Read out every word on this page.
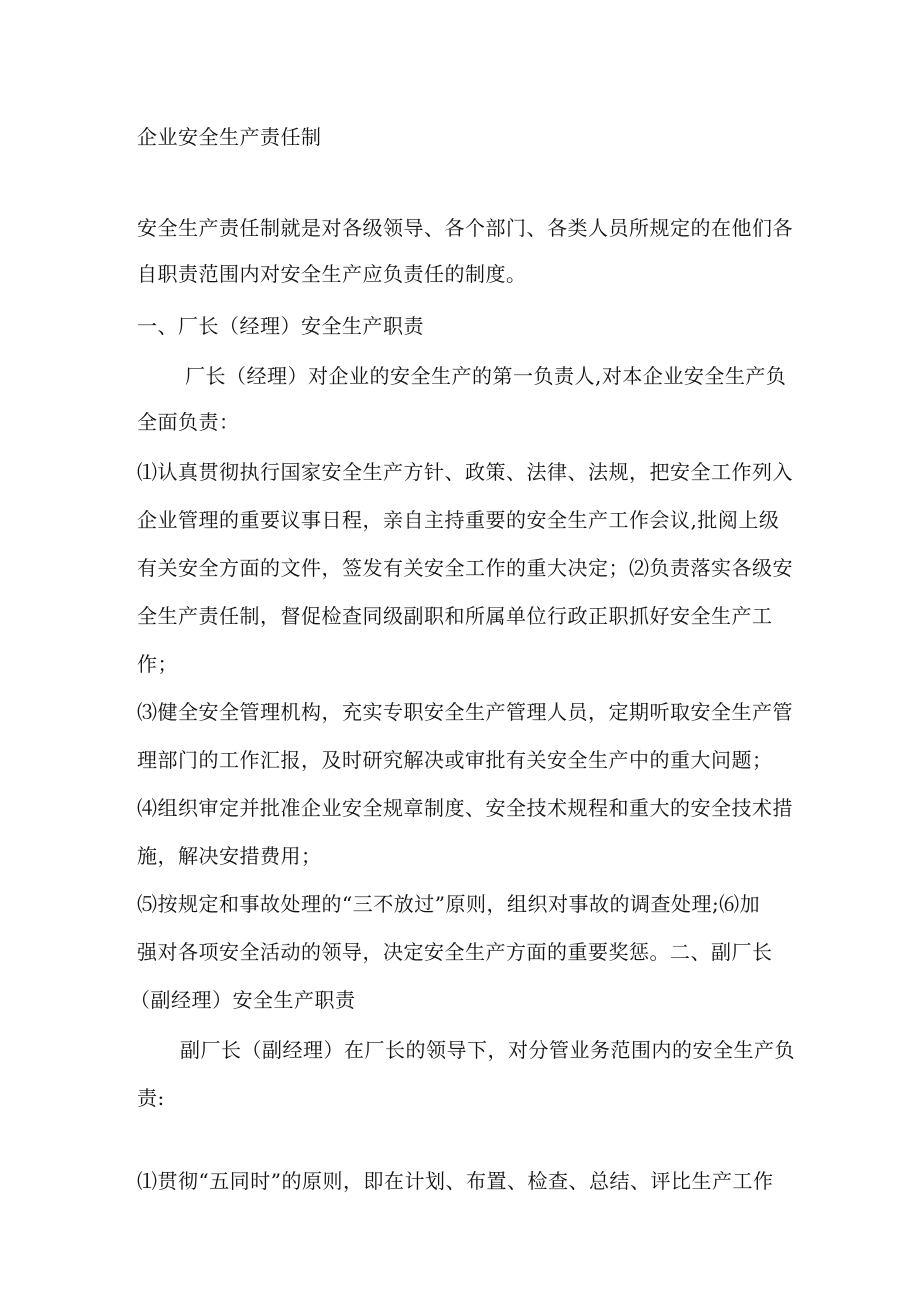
企业安全生产责任制
安全生产责任制就是对各级领导、各个部门、各类人员所规定的在他们各
自职责范围内对安全生产应负责任的制度。
一、厂长（经理）安全生产职责
厂长（经理）对企业的安全生产的第一负责人,对本企业安全生产负
全面负责：
⑴认真贯彻执行国家安全生产方针、政策、法律、法规，把安全工作列入
企业管理的重要议事日程，亲自主持重要的安全生产工作会议,批阅上级
有关安全方面的文件，签发有关安全工作的重大决定；⑵负责落实各级安
全生产责任制，督促检查同级副职和所属单位行政正职抓好安全生产工
作；
⑶健全安全管理机构，充实专职安全生产管理人员，定期听取安全生产管
理部门的工作汇报，及时研究解决或审批有关安全生产中的重大问题；
⑷组织审定并批准企业安全规章制度、安全技术规程和重大的安全技术措
施，解决安措费用；
⑸按规定和事故处理的“三不放过”原则，组织对事故的调查处理;⑹加
强对各项安全活动的领导，决定安全生产方面的重要奖惩。二、副厂长
（副经理）安全生产职责
副厂长（副经理）在厂长的领导下，对分管业务范围内的安全生产负
责:
⑴贯彻“五同时”的原则，即在计划、布置、检查、总结、评比生产工作
